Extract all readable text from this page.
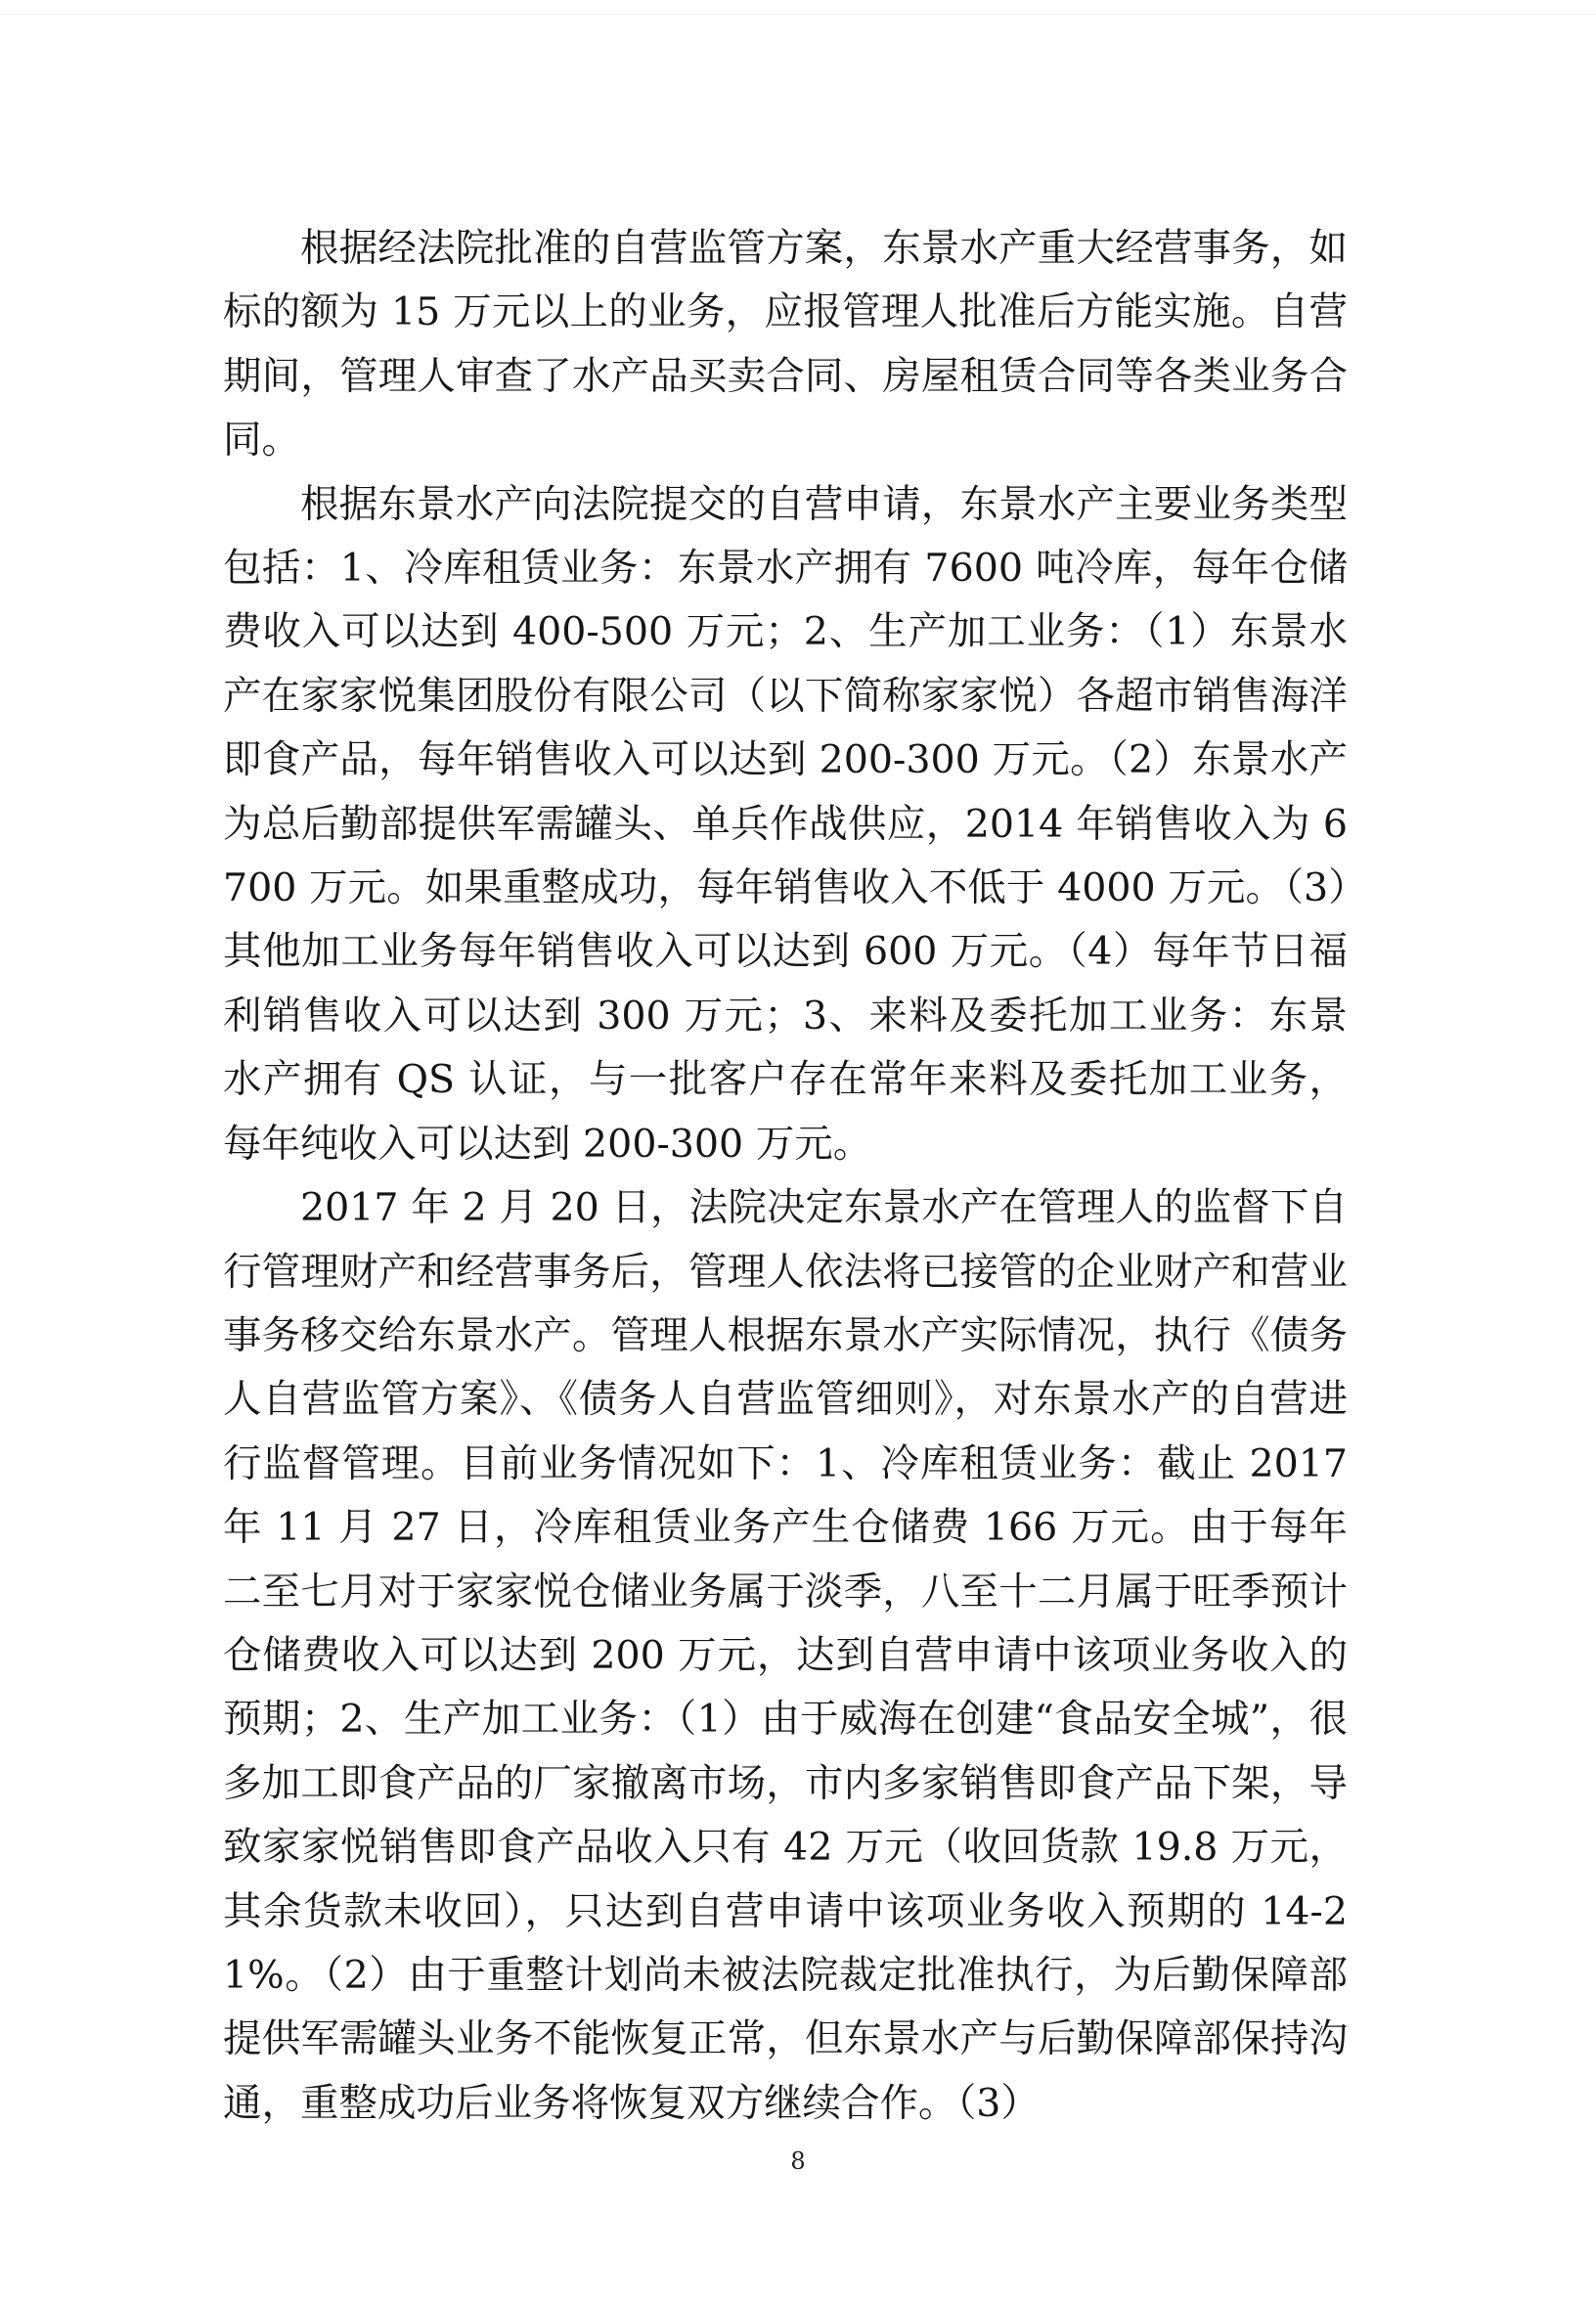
根据经法院批准的自营监管方案，东景水产重大经营事务，如标的额为 15 万元以上的业务，应报管理人批准后方能实施。自营期间，管理人审查了水产品买卖合同、房屋租赁合同等各类业务合同。

根据东景水产向法院提交的自营申请，东景水产主要业务类型包括：1、冷库租赁业务：东景水产拥有 7600 吨冷库，每年仓储费收入可以达到 400-500 万元；2、生产加工业务：（1）东景水产在家家悦集团股份有限公司（以下简称家家悦）各超市销售海洋即食产品，每年销售收入可以达到 200-300 万元。（2）东景水产为总后勤部提供军需罐头、单兵作战供应，2014 年销售收入为 6700 万元。如果重整成功，每年销售收入不低于 4000 万元。（3）其他加工业务每年销售收入可以达到 600 万元。（4）每年节日福利销售收入可以达到 300 万元；3、来料及委托加工业务：东景水产拥有 QS 认证，与一批客户存在常年来料及委托加工业务，每年纯收入可以达到 200-300 万元。

2017 年 2 月 20 日，法院决定东景水产在管理人的监督下自行管理财产和经营事务后，管理人依法将已接管的企业财产和营业事务移交给东景水产。管理人根据东景水产实际情况，执行《债务人自营监管方案》、《债务人自营监管细则》，对东景水产的自营进行监督管理。目前业务情况如下：1、冷库租赁业务：截止 2017 年 11 月 27 日，冷库租赁业务产生仓储费 166 万元。由于每年二至七月对于家家悦仓储业务属于淡季，八至十二月属于旺季预计仓储费收入可以达到 200 万元，达到自营申请中该项业务收入的预期；2、生产加工业务：（1）由于威海在创建“食品安全城”，很多加工即食产品的厂家撤离市场，市内多家销售即食产品下架，导致家家悦销售即食产品收入只有 42 万元（收回货款 19.8 万元，其余货款未收回），只达到自营申请中该项业务收入预期的 14-21%。（2）由于重整计划尚未被法院裁定批准执行，为后勤保障部提供军需罐头业务不能恢复正常，但东景水产与后勤保障部保持沟通，重整成功后业务将恢复双方继续合作。（3）

8
